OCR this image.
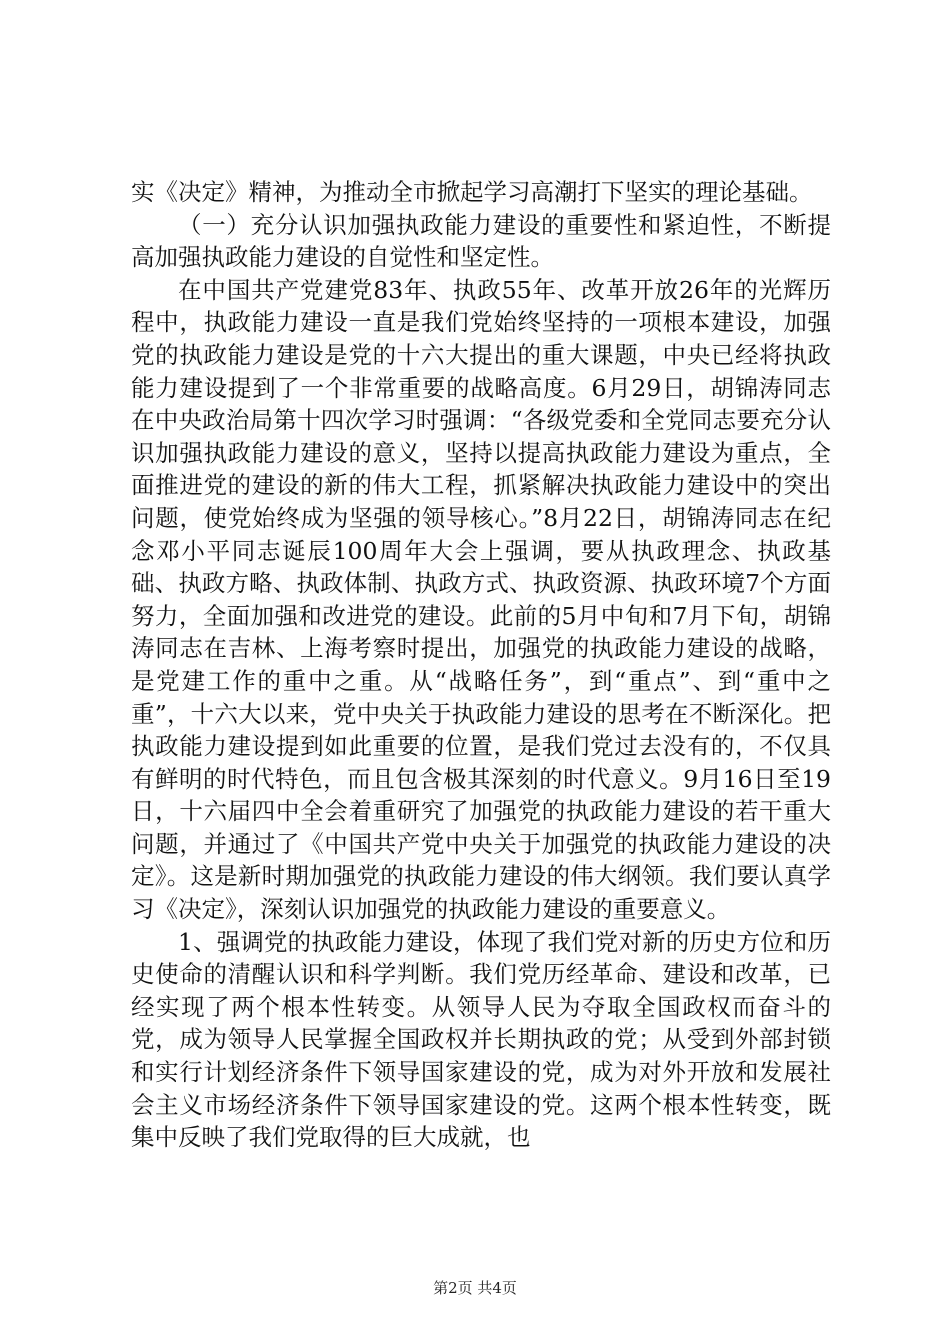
实《决定》精神，为推动全市掀起学习高潮打下坚实的理论基础。

（一）充分认识加强执政能力建设的重要性和紧迫性，不断提高加强执政能力建设的自觉性和坚定性。

在中国共产党建党83年、执政55年、改革开放26年的光辉历程中，执政能力建设一直是我们党始终坚持的一项根本建设，加强党的执政能力建设是党的十六大提出的重大课题，中央已经将执政能力建设提到了一个非常重要的战略高度。6月29日，胡锦涛同志在中央政治局第十四次学习时强调：“各级党委和全党同志要充分认识加强执政能力建设的意义，坚持以提高执政能力建设为重点，全面推进党的建设的新的伟大工程，抓紧解决执政能力建设中的突出问题，使党始终成为坚强的领导核心。”8月22日，胡锦涛同志在纪念邓小平同志诞辰100周年大会上强调，要从执政理念、执政基础、执政方略、执政体制、执政方式、执政资源、执政环境7个方面努力，全面加强和改进党的建设。此前的5月中旬和7月下旬，胡锦涛同志在吉林、上海考察时提出，加强党的执政能力建设的战略，是党建工作的重中之重。从“战略任务”，到“重点”、到“重中之重”，十六大以来，党中央关于执政能力建设的思考在不断深化。把执政能力建设提到如此重要的位置，是我们党过去没有的，不仅具有鲜明的时代特色，而且包含极其深刻的时代意义。9月16日至19日，十六届四中全会着重研究了加强党的执政能力建设的若干重大问题，并通过了《中国共产党中央关于加强党的执政能力建设的决定》。这是新时期加强党的执政能力建设的伟大纲领。我们要认真学习《决定》，深刻认识加强党的执政能力建设的重要意义。

1、强调党的执政能力建设，体现了我们党对新的历史方位和历史使命的清醒认识和科学判断。我们党历经革命、建设和改革，已经实现了两个根本性转变。从领导人民为夺取全国政权而奋斗的党，成为领导人民掌握全国政权并长期执政的党；从受到外部封锁和实行计划经济条件下领导国家建设的党，成为对外开放和发展社会主义市场经济条件下领导国家建设的党。这两个根本性转变，既集中反映了我们党取得的巨大成就，也

第2页 共4页
